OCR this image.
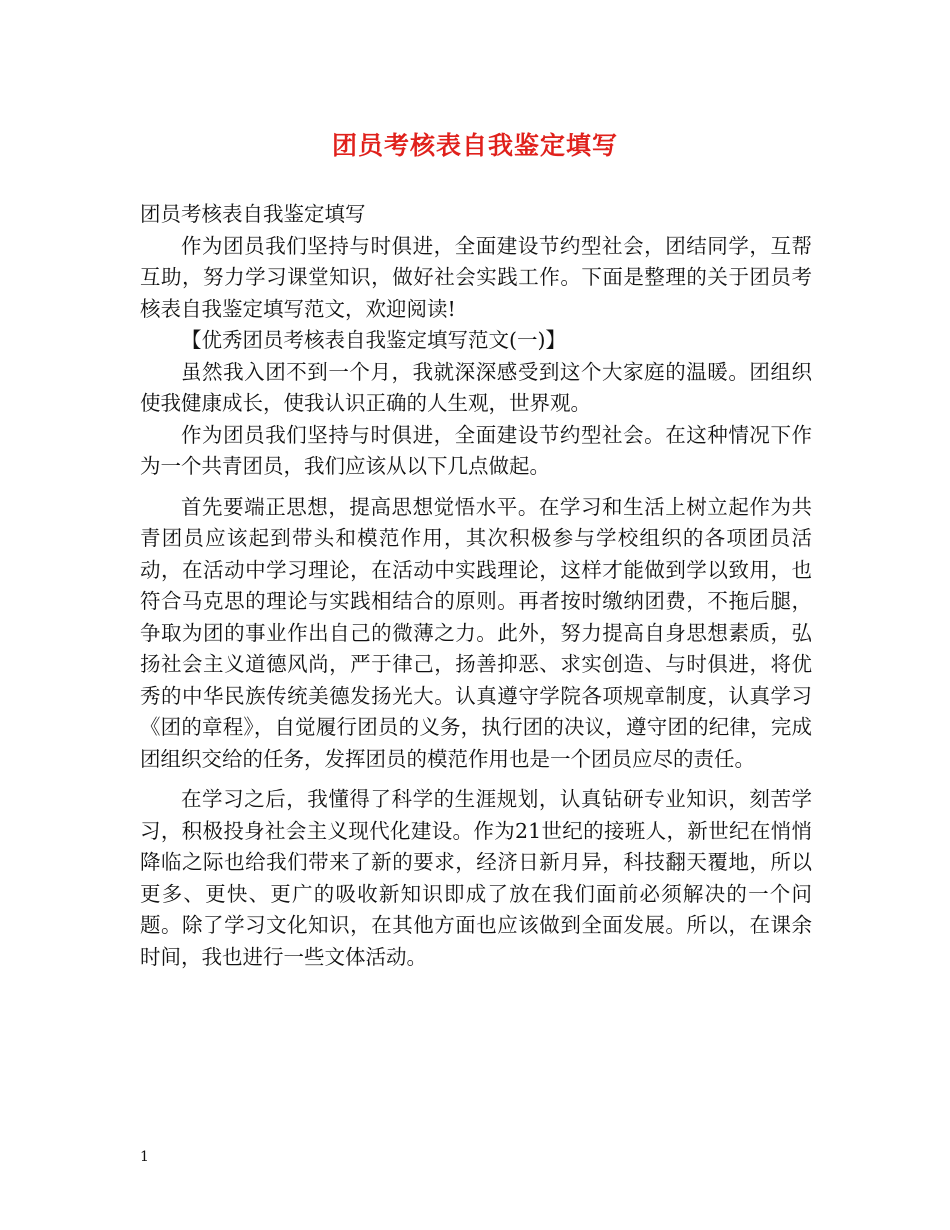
团员考核表自我鉴定填写

团员考核表自我鉴定填写

作为团员我们坚持与时俱进，全面建设节约型社会，团结同学，互帮互助，努力学习课堂知识，做好社会实践工作。下面是整理的关于团员考核表自我鉴定填写范文，欢迎阅读!

【优秀团员考核表自我鉴定填写范文(一)】

虽然我入团不到一个月，我就深深感受到这个大家庭的温暖。团组织使我健康成长，使我认识正确的人生观，世界观。

作为团员我们坚持与时俱进，全面建设节约型社会。在这种情况下作为一个共青团员，我们应该从以下几点做起。

首先要端正思想，提高思想觉悟水平。在学习和生活上树立起作为共青团员应该起到带头和模范作用，其次积极参与学校组织的各项团员活动，在活动中学习理论，在活动中实践理论，这样才能做到学以致用，也符合马克思的理论与实践相结合的原则。再者按时缴纳团费，不拖后腿，争取为团的事业作出自己的微薄之力。此外，努力提高自身思想素质，弘扬社会主义道德风尚，严于律己，扬善抑恶、求实创造、与时俱进，将优秀的中华民族传统美德发扬光大。认真遵守学院各项规章制度，认真学习《团的章程》，自觉履行团员的义务，执行团的决议，遵守团的纪律，完成团组织交给的任务，发挥团员的模范作用也是一个团员应尽的责任。

在学习之后，我懂得了科学的生涯规划，认真钻研专业知识，刻苦学习，积极投身社会主义现代化建设。作为21世纪的接班人，新世纪在悄悄降临之际也给我们带来了新的要求，经济日新月异，科技翻天覆地，所以更多、更快、更广的吸收新知识即成了放在我们面前必须解决的一个问题。除了学习文化知识，在其他方面也应该做到全面发展。所以，在课余时间，我也进行一些文体活动。

1
